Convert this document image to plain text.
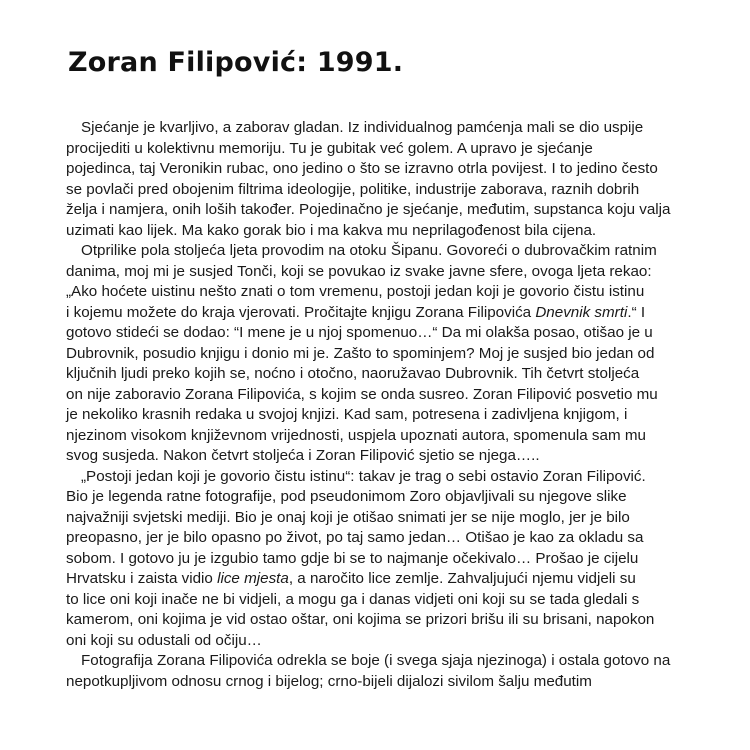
Zoran Filipović: 1991.
Sjećanje je kvarljivo, a zaborav gladan. Iz individualnog pamćenja mali se dio uspije
procijediti u kolektivnu memoriju. Tu je gubitak već golem. A upravo je sjećanje
pojedinca, taj Veronikin rubac, ono jedino o što se izravno otrla povijest. I to jedino često
se povlači pred obojenim filtrima ideologije, politike, industrije zaborava, raznih dobrih
želja i namjera, onih loših također. Pojedinačno je sjećanje, međutim, supstanca koju valja
uzimati kao lijek. Ma kako gorak bio i ma kakva mu neprilagođenost bila cijena.
Otprilike pola stoljeća ljeta provodim na otoku Šipanu. Govoreći o dubrovačkim ratnim
danima, moj mi je susjed Tonči, koji se povukao iz svake javne sfere, ovoga ljeta rekao:
„Ako hoćete uistinu nešto znati o tom vremenu, postoji jedan koji je govorio čistu istinu
i kojemu možete do kraja vjerovati. Pročitajte knjigu Zorana Filipovića Dnevnik smrti.“ I
gotovo stideći se dodao: “I mene je u njoj spomenuo…“ Da mi olakša posao, otišao je u
Dubrovnik, posudio knjigu i donio mi je. Zašto to spominjem? Moj je susjed bio jedan od
ključnih ljudi preko kojih se, noćno i otočno, naoružavao Dubrovnik. Tih četvrt stoljeća
on nije zaboravio Zorana Filipovića, s kojim se onda susreo. Zoran Filipović posvetio mu
je nekoliko krasnih redaka u svojoj knjizi. Kad sam, potresena i zadivljena knjigom, i
njezinom visokom književnom vrijednosti, uspjela upoznati autora, spomenula sam mu
svog susjeda. Nakon četvrt stoljeća i Zoran Filipović sjetio se njega…..
„Postoji jedan koji je govorio čistu istinu“: takav je trag o sebi ostavio Zoran Filipović.
Bio je legenda ratne fotografije, pod pseudonimom Zoro objavljivali su njegove slike
najvažniji svjetski mediji. Bio je onaj koji je otišao snimati jer se nije moglo, jer je bilo
preopasno, jer je bilo opasno po život, po taj samo jedan… Otišao je kao za okladu sa
sobom. I gotovo ju je izgubio tamo gdje bi se to najmanje očekivalo… Prošao je cijelu
Hrvatsku i zaista vidio lice mjesta, a naročito lice zemlje. Zahvaljujući njemu vidjeli su
to lice oni koji inače ne bi vidjeli, a mogu ga i danas vidjeti oni koji su se tada gledali s
kamerom, oni kojima je vid ostao oštar, oni kojima se prizori brišu ili su brisani, napokon
oni koji su odustali od očiju…
Fotografija Zorana Filipovića odrekla se boje (i svega sjaja njezinoga) i ostala gotovo na
nepotkupljivom odnosu crnog i bijelog; crno-bijeli dijalozi sivilom šalju međutim
